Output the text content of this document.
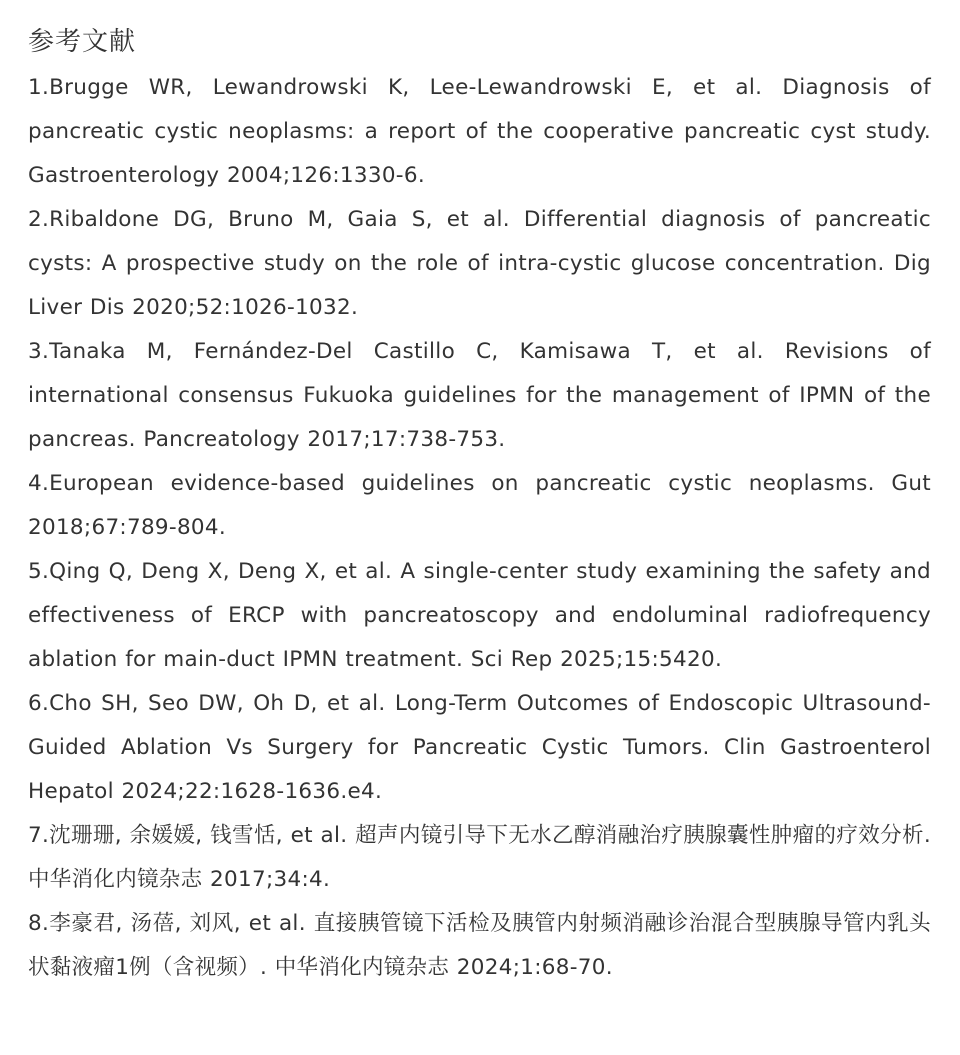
参考文献
1.Brugge WR, Lewandrowski K, Lee-Lewandrowski E, et al. Diagnosis of pancreatic cystic neoplasms: a report of the cooperative pancreatic cyst study. Gastroenterology 2004;126:1330-6.
2.Ribaldone DG, Bruno M, Gaia S, et al. Differential diagnosis of pancreatic cysts: A prospective study on the role of intra-cystic glucose concentration. Dig Liver Dis 2020;52:1026-1032.
3.Tanaka M, Fernández-Del Castillo C, Kamisawa T, et al. Revisions of international consensus Fukuoka guidelines for the management of IPMN of the pancreas. Pancreatology 2017;17:738-753.
4.European evidence-based guidelines on pancreatic cystic neoplasms. Gut 2018;67:789-804.
5.Qing Q, Deng X, Deng X, et al. A single-center study examining the safety and effectiveness of ERCP with pancreatoscopy and endoluminal radiofrequency ablation for main-duct IPMN treatment. Sci Rep 2025;15:5420.
6.Cho SH, Seo DW, Oh D, et al. Long-Term Outcomes of Endoscopic Ultrasound-Guided Ablation Vs Surgery for Pancreatic Cystic Tumors. Clin Gastroenterol Hepatol 2024;22:1628-1636.e4.
7.沈珊珊, 余媛媛, 钱雪恬, et al. 超声内镜引导下无水乙醇消融治疗胰腺囊性肿瘤的疗效分析. 中华消化内镜杂志 2017;34:4.
8.李豪君, 汤蓓, 刘风, et al. 直接胰管镜下活检及胰管内射频消融诊治混合型胰腺导管内乳头状黏液瘤1例（含视频）. 中华消化内镜杂志 2024;1:68-70.
